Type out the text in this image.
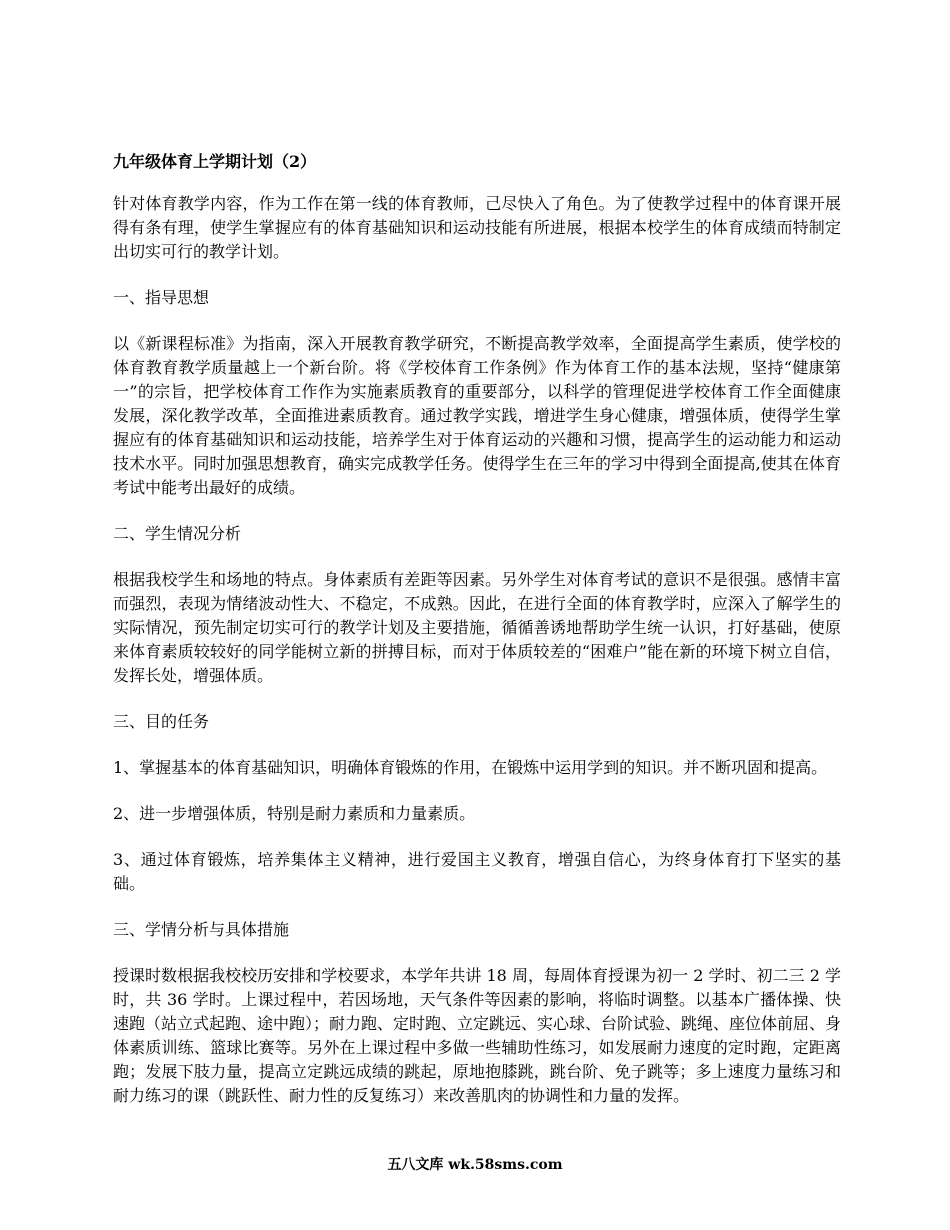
九年级体育上学期计划（2）

针对体育教学内容，作为工作在第一线的体育教师，己尽快入了角色。为了使教学过程中的体育课开展得有条有理，使学生掌握应有的体育基础知识和运动技能有所进展，根据本校学生的体育成绩而特制定出切实可行的教学计划。

一、指导思想

以《新课程标准》为指南，深入开展教育教学研究，不断提高教学效率，全面提高学生素质，使学校的体育教育教学质量越上一个新台阶。将《学校体育工作条例》作为体育工作的基本法规，坚持“健康第一”的宗旨，把学校体育工作作为实施素质教育的重要部分，以科学的管理促进学校体育工作全面健康发展，深化教学改革，全面推进素质教育。通过教学实践，增进学生身心健康，增强体质，使得学生掌握应有的体育基础知识和运动技能，培养学生对于体育运动的兴趣和习惯，提高学生的运动能力和运动技术水平。同时加强思想教育，确实完成教学任务。使得学生在三年的学习中得到全面提高,使其在体育考试中能考出最好的成绩。

二、学生情况分析

根据我校学生和场地的特点。身体素质有差距等因素。另外学生对体育考试的意识不是很强。感情丰富而强烈，表现为情绪波动性大、不稳定，不成熟。因此，在进行全面的体育教学时，应深入了解学生的实际情况，预先制定切实可行的教学计划及主要措施，循循善诱地帮助学生统一认识，打好基础，使原来体育素质较较好的同学能树立新的拼搏目标，而对于体质较差的“困难户”能在新的环境下树立自信，发挥长处，增强体质。

三、目的任务

1、掌握基本的体育基础知识，明确体育锻炼的作用，在锻炼中运用学到的知识。并不断巩固和提高。

2、进一步增强体质，特别是耐力素质和力量素质。

3、通过体育锻炼，培养集体主义精神，进行爱国主义教育，增强自信心，为终身体育打下坚实的基础。

三、学情分析与具体措施

授课时数根据我校校历安排和学校要求，本学年共讲 18 周，每周体育授课为初一 2 学时、初二三 2 学时，共 36 学时。上课过程中，若因场地，天气条件等因素的影响，将临时调整。以基本广播体操、快速跑（站立式起跑、途中跑）；耐力跑、定时跑、立定跳远、实心球、台阶试验、跳绳、座位体前屈、身体素质训练、篮球比赛等。另外在上课过程中多做一些辅助性练习，如发展耐力速度的定时跑，定距离跑；发展下肢力量，提高立定跳远成绩的跳起，原地抱膝跳，跳台阶、免子跳等；多上速度力量练习和耐力练习的课（跳跃性、耐力性的反复练习）来改善肌肉的协调性和力量的发挥。

五八文库 wk.58sms.com
